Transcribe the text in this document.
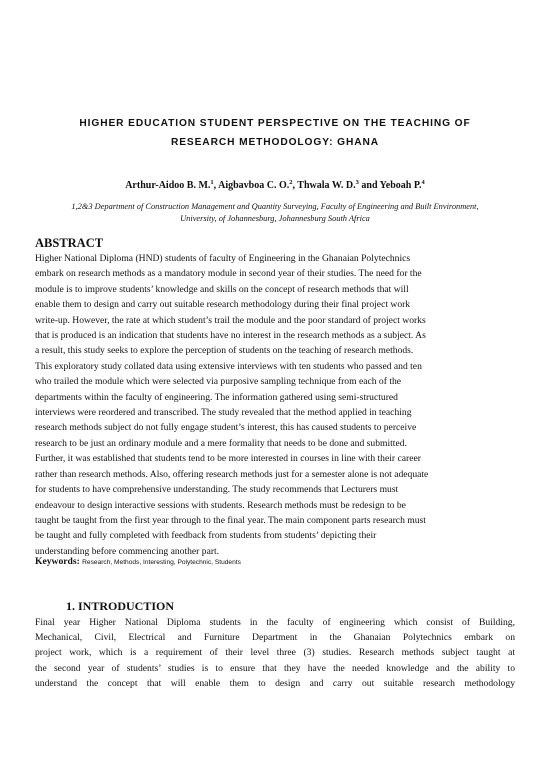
HIGHER EDUCATION STUDENT PERSPECTIVE ON THE TEACHING OF
RESEARCH METHODOLOGY: GHANA
Arthur-Aidoo B. M.$^1$, Aigbavboa C. O.$^2$, Thwala W. D.$^3$ and Yeboah P.$^4$
1,2&3 Department of Construction Management and Quantity Surveying, Faculty of Engineering and Built Environment,
University, of Johannesburg, Johannesburg South Africa
ABSTRACT
Higher National Diploma (HND) students of faculty of Engineering in the Ghanaian Polytechnics
embark on research methods as a mandatory module in second year of their studies. The need for the
module is to improve students’ knowledge and skills on the concept of research methods that will
enable them to design and carry out suitable research methodology during their final project work
write-up. However, the rate at which student’s trail the module and the poor standard of project works
that is produced is an indication that students have no interest in the research methods as a subject. As
a result, this study seeks to explore the perception of students on the teaching of research methods.
This exploratory study collated data using extensive interviews with ten students who passed and ten
who trailed the module which were selected via purposive sampling technique from each of the
departments within the faculty of engineering. The information gathered using semi-structured
interviews were reordered and transcribed. The study revealed that the method applied in teaching
research methods subject do not fully engage student’s interest, this has caused students to perceive
research to be just an ordinary module and a mere formality that needs to be done and submitted.
Further, it was established that students tend to be more interested in courses in line with their career
rather than research methods. Also, offering research methods just for a semester alone is not adequate
for students to have comprehensive understanding. The study recommends that Lecturers must
endeavour to design interactive sessions with students. Research methods must be redesign to be
taught be taught from the first year through to the final year. The main component parts research must
be taught and fully completed with feedback from students from students’ depicting their
understanding before commencing another part.
Keywords: Research, Methods, Interesting, Polytechnic, Students
1. INTRODUCTION
Final year Higher National Diploma students in the faculty of engineering which consist of Building,
Mechanical, Civil, Electrical and Furniture Department in the Ghanaian Polytechnics embark on
project work, which is a requirement of their level three (3) studies. Research methods subject taught at
the second year of students’ studies is to ensure that they have the needed knowledge and the ability to
understand the concept that will enable them to design and carry out suitable research methodology
